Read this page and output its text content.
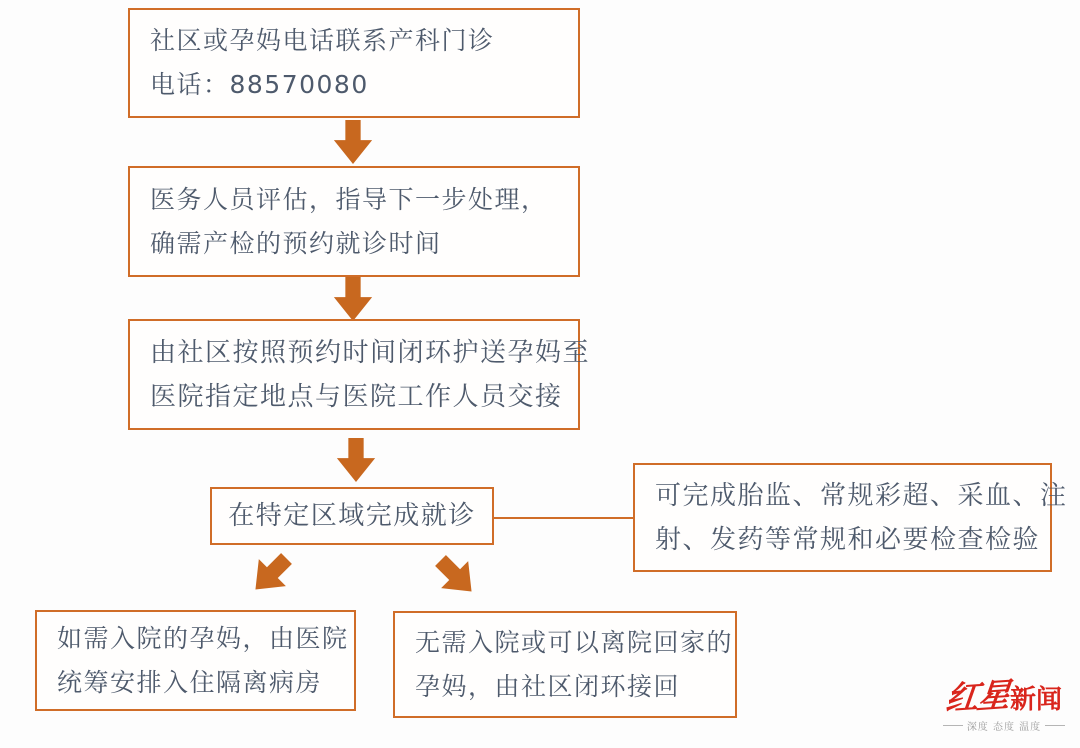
社区或孕妈电话联系产科门诊
电话：88570080
医务人员评估，指导下一步处理，
确需产检的预约就诊时间
由社区按照预约时间闭环护送孕妈至
医院指定地点与医院工作人员交接
在特定区域完成就诊
可完成胎监、常规彩超、采血、注
射、发药等常规和必要检查检验
如需入院的孕妈，由医院
统筹安排入住隔离病房
无需入院或可以离院回家的
孕妈，由社区闭环接回	红星 新闻
深度 态度 温度
